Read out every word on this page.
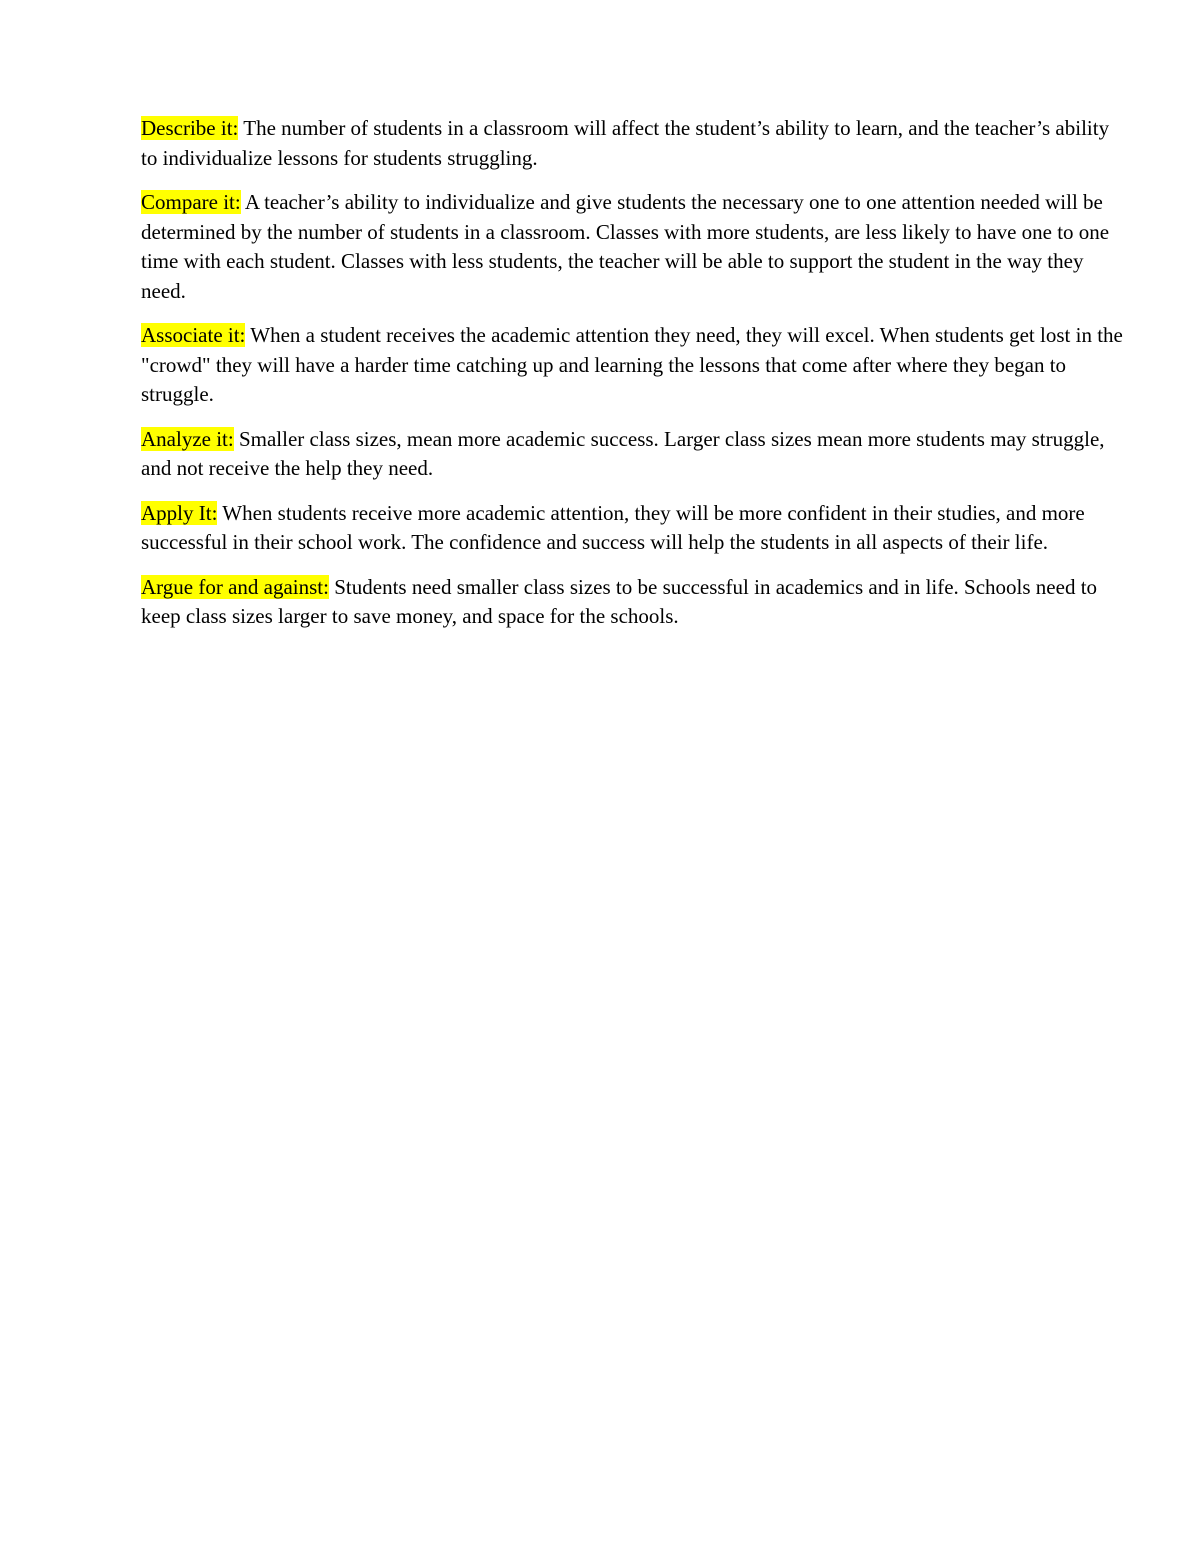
Describe it: The number of students in a classroom will affect the student’s ability to learn, and the teacher’s ability to individualize lessons for students struggling.

Compare it: A teacher’s ability to individualize and give students the necessary one to one attention needed will be determined by the number of students in a classroom. Classes with more students, are less likely to have one to one time with each student. Classes with less students, the teacher will be able to support the student in the way they need.

Associate it: When a student receives the academic attention they need, they will excel. When students get lost in the "crowd" they will have a harder time catching up and learning the lessons that come after where they began to struggle.

Analyze it: Smaller class sizes, mean more academic success. Larger class sizes mean more students may struggle, and not receive the help they need.

Apply It: When students receive more academic attention, they will be more confident in their studies, and more successful in their school work. The confidence and success will help the students in all aspects of their life.

Argue for and against: Students need smaller class sizes to be successful in academics and in life. Schools need to keep class sizes larger to save money, and space for the schools.
